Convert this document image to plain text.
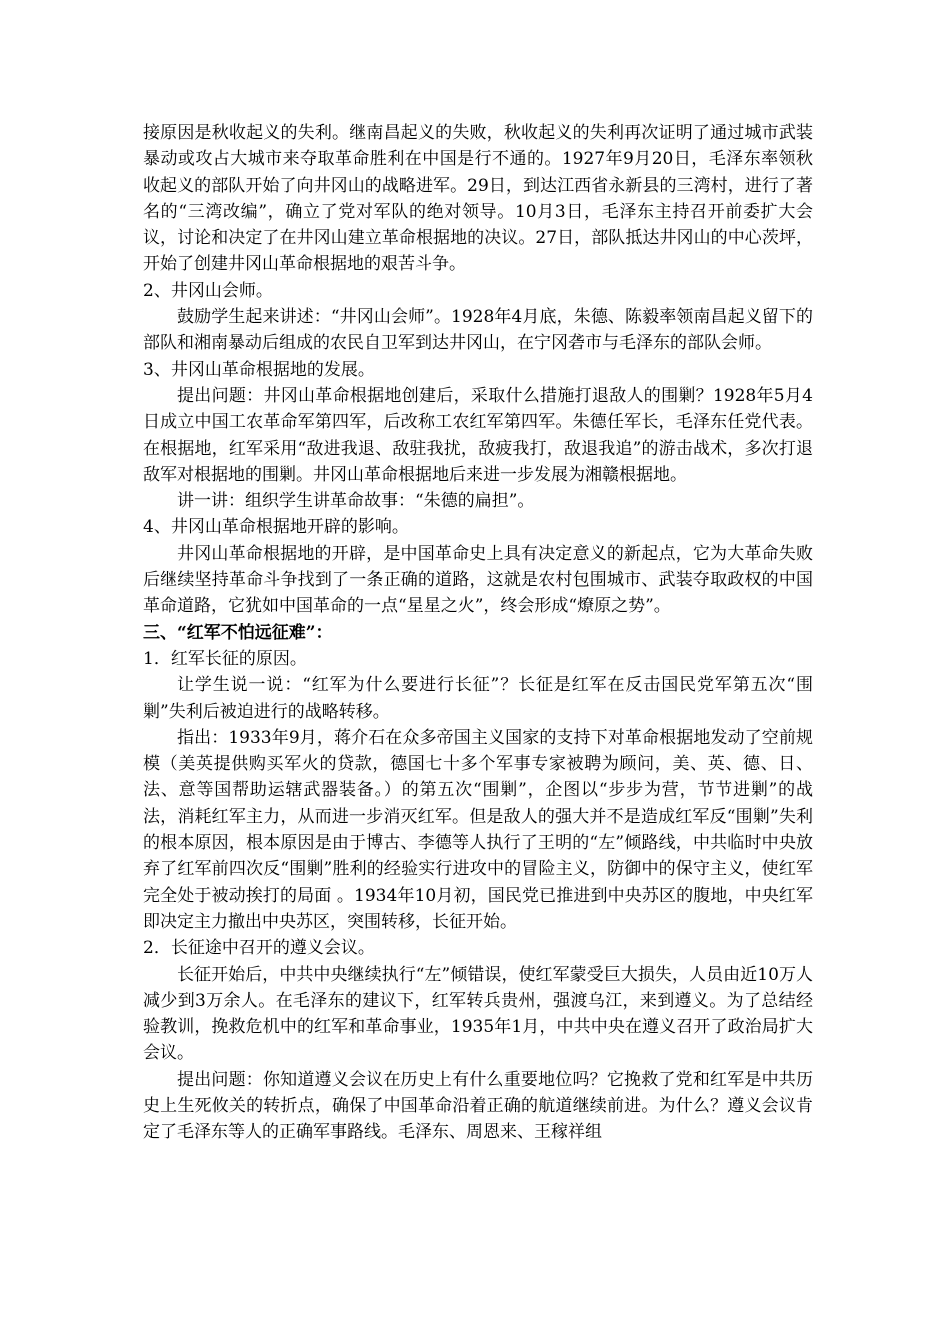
接原因是秋收起义的失利。继南昌起义的失败，秋收起义的失利再次证明了通过城市武装暴动或攻占大城市来夺取革命胜利在中国是行不通的。1927年9月20日，毛泽东率领秋收起义的部队开始了向井冈山的战略进军。29日，到达江西省永新县的三湾村，进行了著名的“三湾改编”，确立了党对军队的绝对领导。10月3日，毛泽东主持召开前委扩大会议，讨论和决定了在井冈山建立革命根据地的决议。27日，部队抵达井冈山的中心茨坪，开始了创建井冈山革命根据地的艰苦斗争。

2、井冈山会师。

鼓励学生起来讲述：“井冈山会师”。1928年4月底，朱德、陈毅率领南昌起义留下的部队和湘南暴动后组成的农民自卫军到达井冈山，在宁冈砻市与毛泽东的部队会师。

3、井冈山革命根据地的发展。

提出问题：井冈山革命根据地创建后，采取什么措施打退敌人的围剿？1928年5月4日成立中国工农革命军第四军，后改称工农红军第四军。朱德任军长，毛泽东任党代表。在根据地，红军采用“敌进我退、敌驻我扰，敌疲我打，敌退我追”的游击战术，多次打退敌军对根据地的围剿。井冈山革命根据地后来进一步发展为湘赣根据地。

讲一讲：组织学生讲革命故事：“朱德的扁担”。

4、井冈山革命根据地开辟的影响。

井冈山革命根据地的开辟，是中国革命史上具有决定意义的新起点，它为大革命失败后继续坚持革命斗争找到了一条正确的道路，这就是农村包围城市、武装夺取政权的中国革命道路，它犹如中国革命的一点“星星之火”，终会形成“燎原之势”。

三、“红军不怕远征难”：

1．红军长征的原因。

让学生说一说：“红军为什么要进行长征”？长征是红军在反击国民党军第五次“围剿”失利后被迫进行的战略转移。

指出：1933年9月，蒋介石在众多帝国主义国家的支持下对革命根据地发动了空前规模（美英提供购买军火的贷款，德国七十多个军事专家被聘为顾问，美、英、德、日、法、意等国帮助运辖武器装备。）的第五次“围剿”，企图以“步步为营，节节进剿”的战法，消耗红军主力，从而进一步消灭红军。但是敌人的强大并不是造成红军反“围剿”失利的根本原因，根本原因是由于博古、李德等人执行了王明的“左”倾路线，中共临时中央放弃了红军前四次反“围剿”胜利的经验实行进攻中的冒险主义，防御中的保守主义，使红军完全处于被动挨打的局面 。1934年10月初，国民党已推进到中央苏区的腹地，中央红军即决定主力撤出中央苏区，突围转移，长征开始。

2．长征途中召开的遵义会议。

长征开始后，中共中央继续执行“左”倾错误，使红军蒙受巨大损失，人员由近10万人减少到3万余人。在毛泽东的建议下，红军转兵贵州，强渡乌江，来到遵义。为了总结经验教训，挽救危机中的红军和革命事业，1935年1月，中共中央在遵义召开了政治局扩大会议。

提出问题：你知道遵义会议在历史上有什么重要地位吗？它挽救了党和红军是中共历史上生死攸关的转折点，确保了中国革命沿着正确的航道继续前进。为什么？遵义会议肯定了毛泽东等人的正确军事路线。毛泽东、周恩来、王稼祥组
